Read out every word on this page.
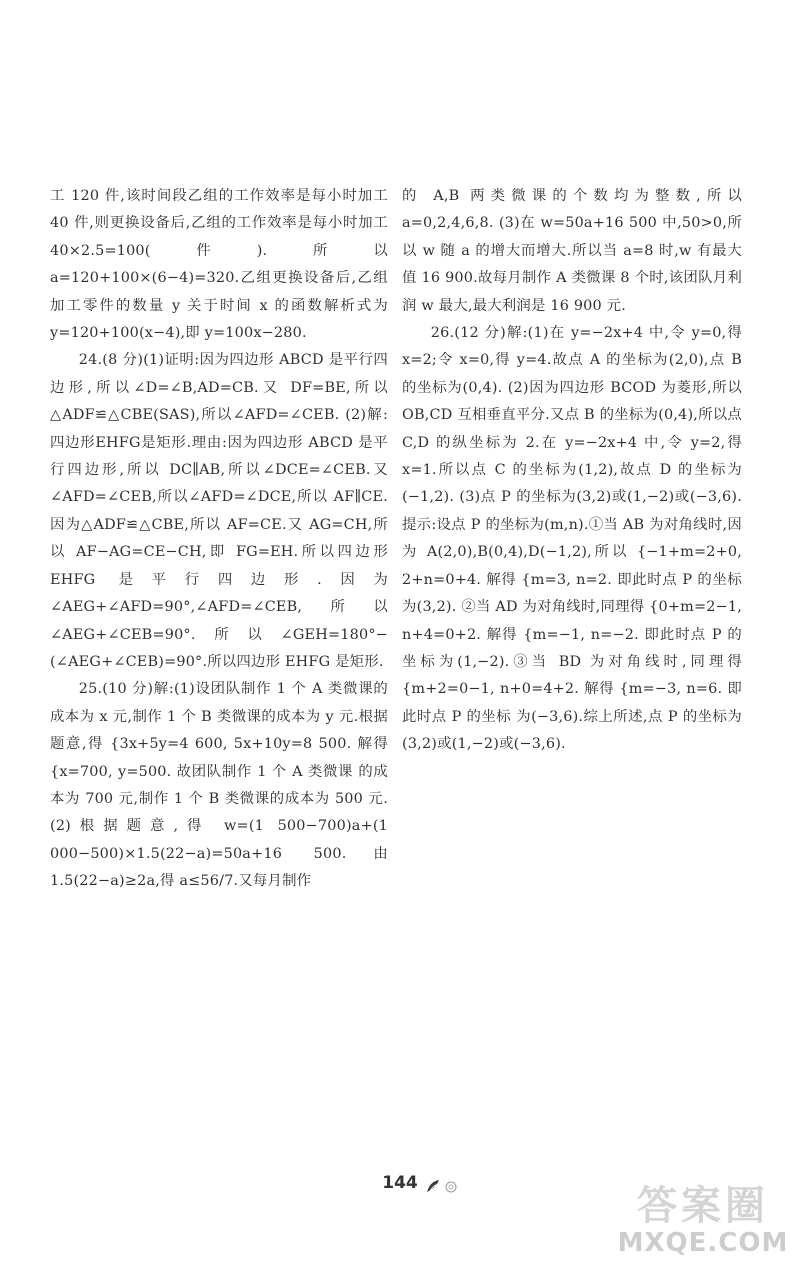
工 120 件,该时间段乙组的工作效率是每小时加工 40 件,则更换设备后,乙组的工作效率是每小时加工 40×2.5=100(件).所以 a=120+100×(6−4)=320.乙组更换设备后,乙组加工零件的数量 y 关于时间 x 的函数解析式为 y=120+100(x−4),即 y=100x−280.

24.(8 分)(1)证明:因为四边形 ABCD 是平行四边形,所以∠D=∠B,AD=CB.又 DF=BE,所以△ADF≌△CBE(SAS),所以∠AFD=∠CEB. (2)解:四边形EHFG是矩形.理由:因为四边形 ABCD 是平行四边形,所以 DC∥AB,所以∠DCE=∠CEB.又∠AFD=∠CEB,所以∠AFD=∠DCE,所以 AF∥CE.因为△ADF≌△CBE,所以 AF=CE.又 AG=CH,所以 AF−AG=CE−CH,即 FG=EH.所以四边形 EHFG 是平行四边形.因为∠AEG+∠AFD=90°,∠AFD=∠CEB,所以∠AEG+∠CEB=90°.所以∠GEH=180°−(∠AEG+∠CEB)=90°.所以四边形 EHFG 是矩形.

25.(10 分)解:(1)设团队制作 1 个 A 类微课的成本为 x 元,制作 1 个 B 类微课的成本为 y 元.根据题意,得 {3x+5y=4 600, 5x+10y=8 500. 解得 {x=700, y=500. 故团队制作 1 个 A 类微课 的成本为 700 元,制作 1 个 B 类微课的成本为 500 元. (2)根据题意,得 w=(1 500−700)a+(1 000−500)×1.5(22−a)=50a+16 500.由 1.5(22−a)≥2a,得 a≤56/7.又每月制作

的 A,B 两类微课的个数均为整数,所以 a=0,2,4,6,8. (3)在 w=50a+16 500 中,50>0,所以 w 随 a 的增大而增大.所以当 a=8 时,w 有最大值 16 900.故每月制作 A 类微课 8 个时,该团队月利润 w 最大,最大利润是 16 900 元.

26.(12 分)解:(1)在 y=−2x+4 中,令 y=0,得 x=2;令 x=0,得 y=4.故点 A 的坐标为(2,0),点 B 的坐标为(0,4). (2)因为四边形 BCOD 为菱形,所以 OB,CD 互相垂直平分.又点 B 的坐标为(0,4),所以点 C,D 的纵坐标为 2.在 y=−2x+4 中,令 y=2,得 x=1.所以点 C 的坐标为(1,2),故点 D 的坐标为(−1,2). (3)点 P 的坐标为(3,2)或(1,−2)或(−3,6).提示:设点 P 的坐标为(m,n).①当 AB 为对角线时,因为 A(2,0),B(0,4),D(−1,2),所以 {−1+m=2+0, 2+n=0+4. 解得 {m=3, n=2. 即此时点 P 的坐标为(3,2). ②当 AD 为对角线时,同理得 {0+m=2−1, n+4=0+2. 解得 {m=−1, n=−2. 即此时点 P 的坐标为(1,−2).③当 BD 为对角线时,同理得 {m+2=0−1, n+0=4+2. 解得 {m=−3, n=6. 即此时点 P 的坐标 为(−3,6).综上所述,点 P 的坐标为(3,2)或(1,−2)或(−3,6).

144	答案圈
MXQE.COM
